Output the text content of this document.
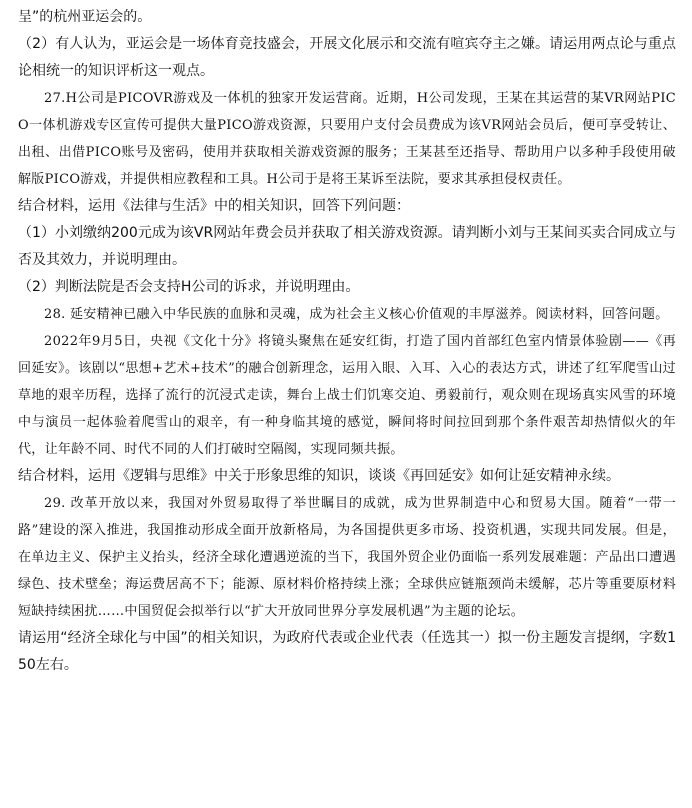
呈”的杭州亚运会的。

（2）有人认为，亚运会是一场体育竞技盛会，开展文化展示和交流有喧宾夺主之嫌。请运用两点论与重点论相统一的知识评析这一观点。

27.H公司是PICOVR游戏及一体机的独家开发运营商。近期，H公司发现，王某在其运营的某VR网站PICO一体机游戏专区宣传可提供大量PICO游戏资源，只要用户支付会员费成为该VR网站会员后，便可享受转让、出租、出借PICO账号及密码，使用并获取相关游戏资源的服务；王某甚至还指导、帮助用户以多种手段使用破解版PICO游戏，并提供相应教程和工具。H公司于是将王某诉至法院，要求其承担侵权责任。

结合材料，运用《法律与生活》中的相关知识，回答下列问题：

（1）小刘缴纳200元成为该VR网站年费会员并获取了相关游戏资源。请判断小刘与王某间买卖合同成立与否及其效力，并说明理由。

（2）判断法院是否会支持H公司的诉求，并说明理由。

28. 延安精神已融入中华民族的血脉和灵魂，成为社会主义核心价值观的丰厚滋养。阅读材料，回答问题。

2022年9月5日，央视《文化十分》将镜头聚焦在延安红街，打造了国内首部红色室内情景体验剧——《再回延安》。该剧以“思想+艺术+技术”的融合创新理念，运用入眼、入耳、入心的表达方式，讲述了红军爬雪山过草地的艰辛历程，选择了流行的沉浸式走读，舞台上战士们饥寒交迫、勇毅前行，观众则在现场真实风雪的环境中与演员一起体验着爬雪山的艰辛，有一种身临其境的感觉，瞬间将时间拉回到那个条件艰苦却热情似火的年代，让年龄不同、时代不同的人们打破时空隔阂，实现同频共振。

结合材料，运用《逻辑与思维》中关于形象思维的知识，谈谈《再回延安》如何让延安精神永续。

29. 改革开放以来，我国对外贸易取得了举世瞩目的成就，成为世界制造中心和贸易大国。随着“一带一路”建设的深入推进，我国推动形成全面开放新格局，为各国提供更多市场、投资机遇，实现共同发展。但是，在单边主义、保护主义抬头，经济全球化遭遇逆流的当下，我国外贸企业仍面临一系列发展难题：产品出口遭遇绿色、技术壁垒；海运费居高不下；能源、原材料价格持续上涨；全球供应链瓶颈尚未缓解，芯片等重要原材料短缺持续困扰……中国贸促会拟举行以“扩大开放同世界分享发展机遇”为主题的论坛。

请运用“经济全球化与中国”的相关知识，为政府代表或企业代表（任选其一）拟一份主题发言提纲，字数150左右。
